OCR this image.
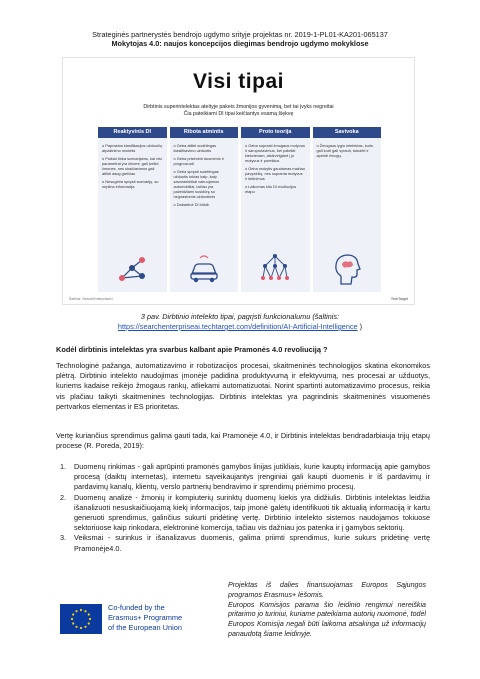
Strateginės partnerystės bendrojo ugdymo srityje projektas nr. 2019-1-PL01-KA201-065137
Mokytojas 4.0: naujos koncepcijos diegimas bendrojo ugdymo mokyklose
Visi tipai
Dirbtinis superintelektas ateityje pakeis žmonijos gyvenimą, bet tai įvyks negreitai
Čia pateikiami DI tipai keičiantys esamą šiękvę
Reaktyvinis DI

o Paprastos klasifikacijos užduočių atpažinimo modelis

o Puikiai tinka scenarijams, kai visi parametrai yra žinomi; gali įveikti žmones, nes skaičiavimus gali atlikti daug greičiau

o Nesugeba spręsti scenarijų, su nepilna informacija

Ribota atmintis

o Geba atlikti sudėtingas klasifikavimo užduotis

o Geba prisiminti duomenis ir prognozuoti

o Geba spręsti sudėtingas užduotis tokias kaip, kaip savarankiškai vairuojamos automobiliai, tačiau yra pažeidžiami susidūrę su neįprastomis užduotimis

o Dabartinė DI būklė.

Proto teorija

o Geba suprasti žmogaus motyvus ir samprotavimus, bei pateikti kiekvienam, atsižvelgiant į jo motyvus ir poreikius

o Geba mokytis gaudamas mažiau pavyzdžių, nes supranta motyvus ir ketinimus

o Laikomas kitu DI evoliucijos etapu

Savivoka

o Žmogaus lygio intelektas, kuris gali kurti gali vyrauti, tobulėti ir apeinti žmogų.

Šaltinis: SearchEnterpriseAI	TechTarget
3 pav. Dirbtinio intelekto tipai, pagrįsti funkcionalumu (šaltinis:
https://searchenterpriseai.techtarget.com/definition/AI-Artificial-Intelligence )
Kodėl dirbtinis intelektas yra svarbus kalbant apie Pramonės 4.0 revoliuciją ?
Technologinė pažanga, automatizavimo ir robotizacijos procesai, skaitmeninės technologijos skatina ekonomikos plėtrą. Dirbtinio intelekto naudojimas įmonėje padidina produktyvumą ir efektyvumą, nes procesai ar užduotys, kuriems kadaise reikėjo žmogaus rankų, atliekami automatizuotai. Norint spartinti automatizavimo procesus, reikia vis plačiau taikyti skaitmenines technologijas. Dirbtinis intelektas yra pagrindinis skaitmeninės visuomenės pertvarkos elementas ir ES prioritetas.
Vertę kuriančius sprendimus galima gauti tada, kai Pramonėje 4.0, ir Dirbtinis intelektas bendradarbiauja trijų etapų procese (R. Poreda, 2019):
1. Duomenų rinkimas - gali aprūpinti pramonės gamybos linijas jutikliais, kurie kauptų informaciją apie gamybos procesą (daiktų internetas), internetu sąveikaujantys įrenginiai gali kaupti duomenis ir iš pardavimų ir pardavimų kanalų, klientų, verslo partnerių bendravimo ir sprendimų priėmimo procesų.
2. Duomenų analizė - žmonių ir kompiuterių surinktų duomenų kiekis yra didžiulis. Dirbtinis intelektas leidžia išanalizuoti nesuskaičiuojamą kiekį informacijos, taip įmonė galėtų identifikuoti tik aktualią informaciją ir kartu generuoti sprendimus, galinčius sukurti pridėtinę vertę. Dirbtinio intelekto sistemos naudojamos tokiuose sektoriuose kaip rinkodara, elektroninė komercija, tačiau vis dažniau jos patenka ir į gamybos sektorių.
3. Veiksmai - surinkus ir išanalizavus duomenis, galima priimti sprendimus, kurie sukurs pridėtinę vertę Pramonėje4.0.
Co-funded by the
Erasmus+ Programme
of the European Union

Projektas iš dalies finansuojamas Europos Sąjungos programos Erasmus+ lėšomis.

Europos Komisijos parama šio leidinio rengimui nereiškia pritarimo jo turiniui, kuriame pateikiama autorių nuomonė, todėl Europos Komisija negali būti laikoma atsakinga už informacijų panaudotą šiame leidinyje.
